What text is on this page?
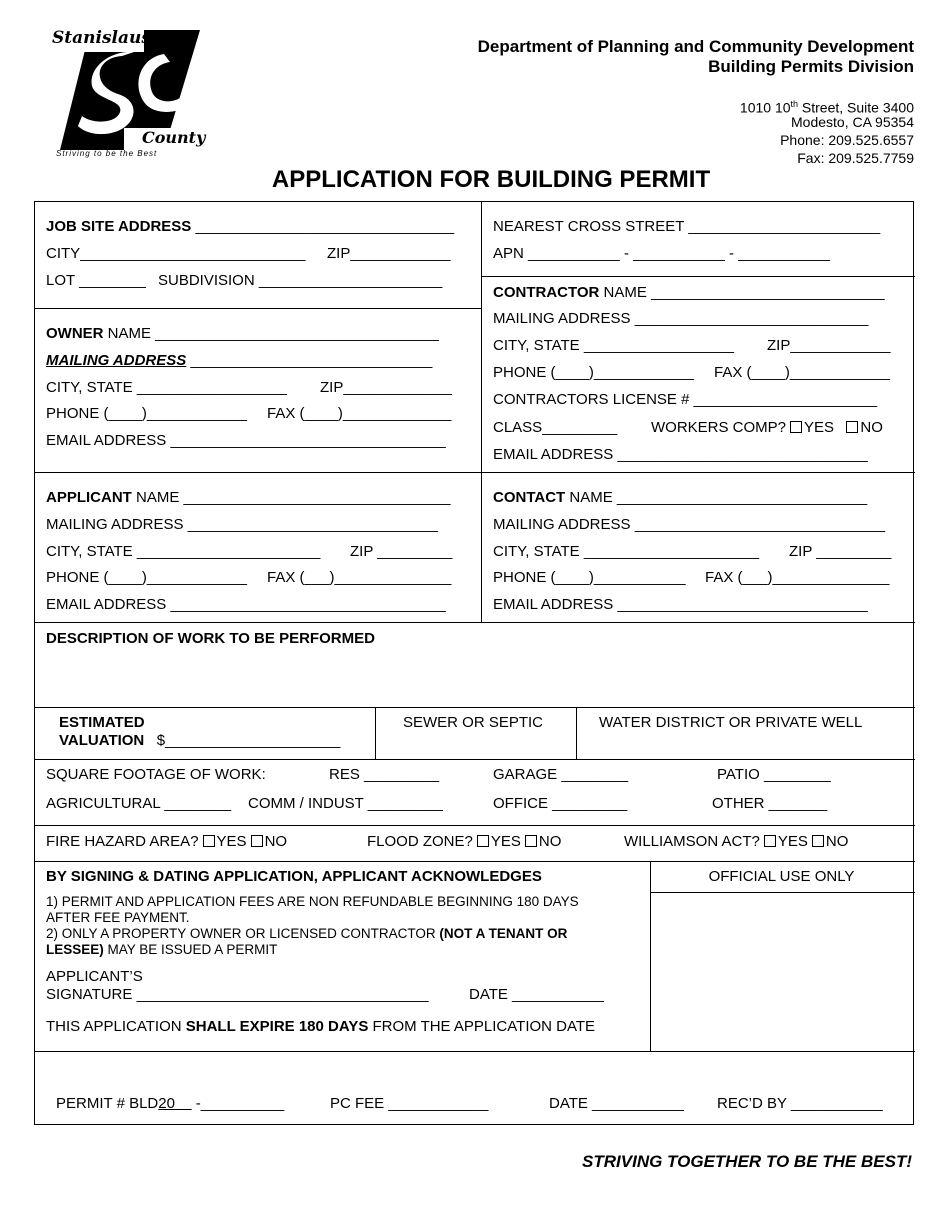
Stanislaus
County
Striving to be the Best
Department of Planning and Community Development
Building Permits Division
1010 10th Street, Suite 3400
Modesto, CA 95354
Phone: 209.525.6557
Fax: 209.525.7759
APPLICATION FOR BUILDING PERMIT
JOB SITE ADDRESS _______________________________
CITY___________________________ ZIP____________
LOT ________ SUBDIVISION ______________________
NEAREST CROSS STREET _______________________
APN ___________ - ___________ - ___________
OWNER NAME __________________________________
MAILING ADDRESS _____________________________
CITY, STATE __________________ ZIP_____________
PHONE (____)____________ FAX (____)_____________
EMAIL ADDRESS _________________________________
CONTRACTOR NAME ____________________________
MAILING ADDRESS ____________________________
CITY, STATE __________________ ZIP____________
PHONE (____)____________ FAX (____)____________
CONTRACTORS LICENSE # ______________________
CLASS_________ WORKERS COMP? YES NO
EMAIL ADDRESS ______________________________
APPLICANT NAME ________________________________
MAILING ADDRESS ______________________________
CITY, STATE ______________________ ZIP _________
PHONE (____)____________ FAX (___)______________
EMAIL ADDRESS _________________________________
CONTACT NAME ______________________________
MAILING ADDRESS ______________________________
CITY, STATE _____________________ ZIP _________
PHONE (____)___________ FAX (___)______________
EMAIL ADDRESS ______________________________
DESCRIPTION OF WORK TO BE PERFORMED
ESTIMATED
VALUATION $_____________________
SEWER OR SEPTIC	WATER DISTRICT OR PRIVATE WELL
SQUARE FOOTAGE OF WORK:	RES _________	GARAGE ________	PATIO ________
AGRICULTURAL ________ COMM / INDUST _________	OFFICE _________	OTHER _______
FIRE HAZARD AREA? YES NO	FLOOD ZONE? YES NO	WILLIAMSON ACT? YES NO
BY SIGNING & DATING APPLICATION, APPLICANT ACKNOWLEDGES
1) PERMIT AND APPLICATION FEES ARE NON REFUNDABLE BEGINNING 180 DAYS
AFTER FEE PAYMENT.
2) ONLY A PROPERTY OWNER OR LICENSED CONTRACTOR (NOT A TENANT OR
LESSEE) MAY BE ISSUED A PERMIT
APPLICANT’S
SIGNATURE ___________________________________	DATE ___________
THIS APPLICATION SHALL EXPIRE 180 DAYS FROM THE APPLICATION DATE
OFFICIAL USE ONLY
PERMIT # BLD20     -__________	PC FEE ____________	DATE ___________ REC’D BY ___________
STRIVING TOGETHER TO BE THE BEST!
